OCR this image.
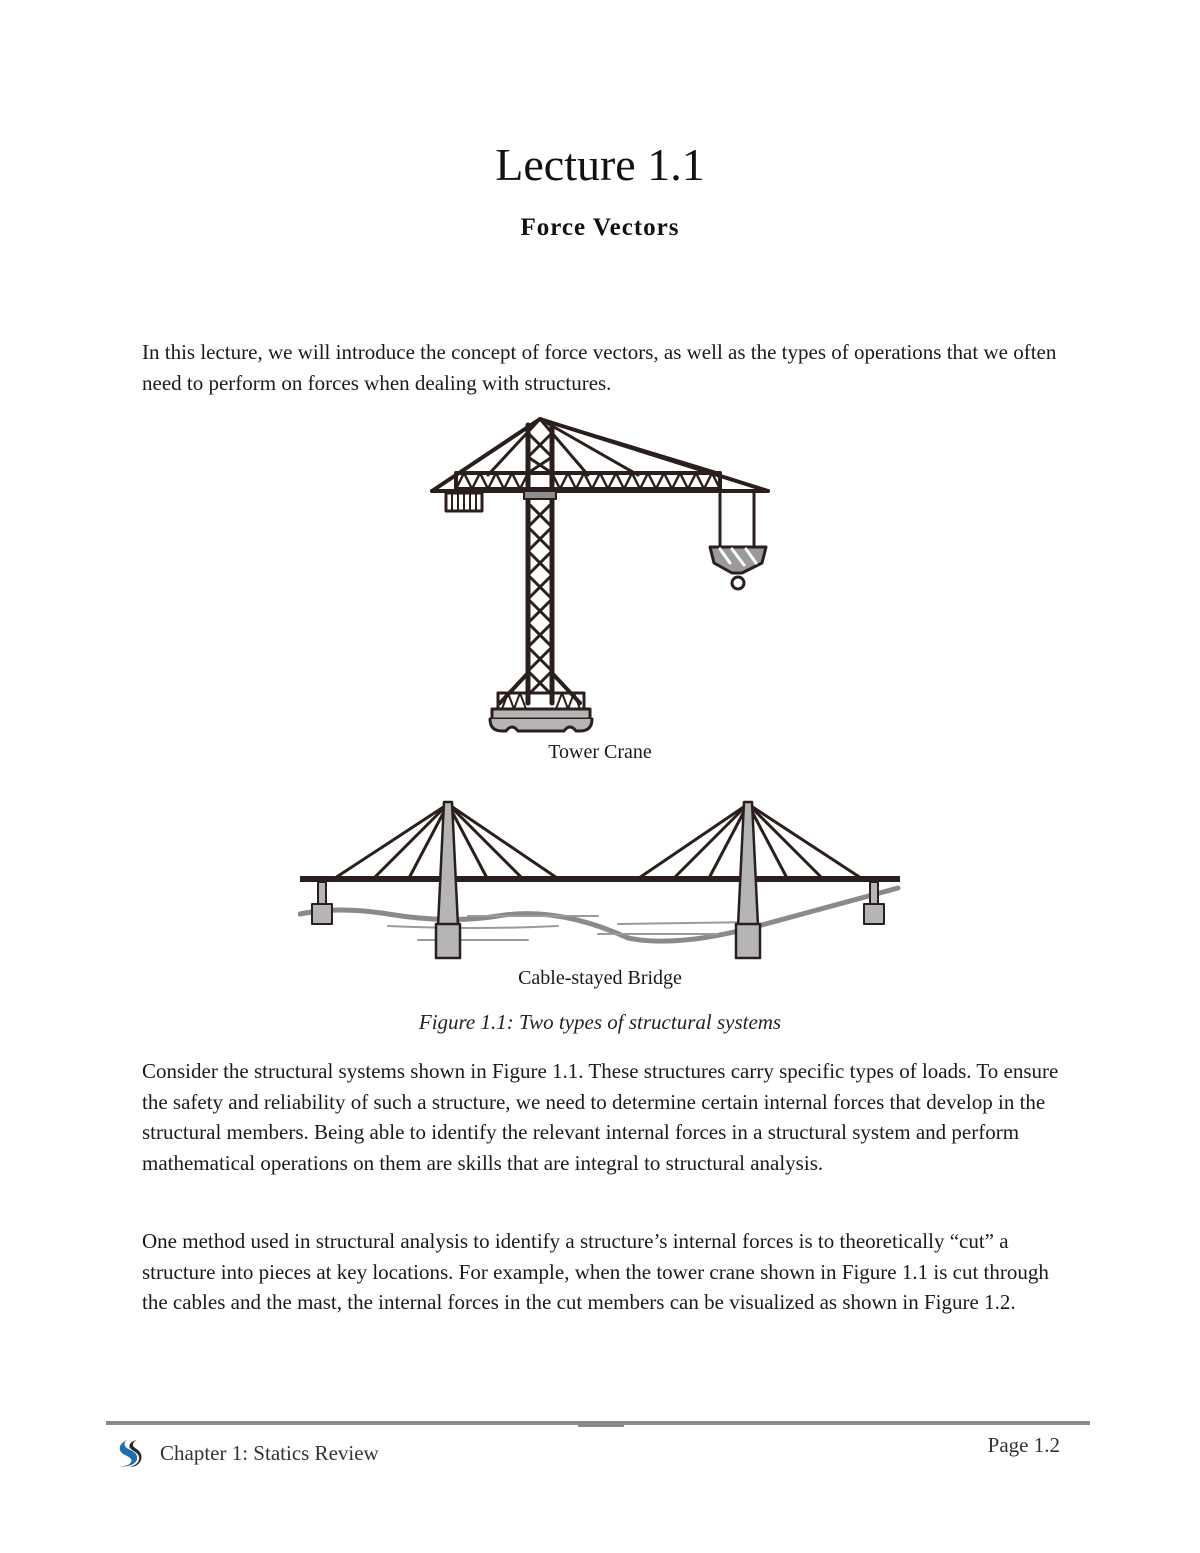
Lecture 1.1
Force Vectors

In this lecture, we will introduce the concept of force vectors, as well as the types of operations that we often need to perform on forces when dealing with structures.

Tower Crane
Cable-stayed Bridge
Figure 1.1: Two types of structural systems

Consider the structural systems shown in Figure 1.1. These structures carry specific types of loads. To ensure the safety and reliability of such a structure, we need to determine certain internal forces that develop in the structural members. Being able to identify the relevant internal forces in a structural system and perform mathematical operations on them are skills that are integral to structural analysis.

One method used in structural analysis to identify a structure’s internal forces is to theoretically “cut” a structure into pieces at key locations. For example, when the tower crane shown in Figure 1.1 is cut through the cables and the mast, the internal forces in the cut members can be visualized as shown in Figure 1.2.

Chapter 1: Statics Review	Page 1.2
